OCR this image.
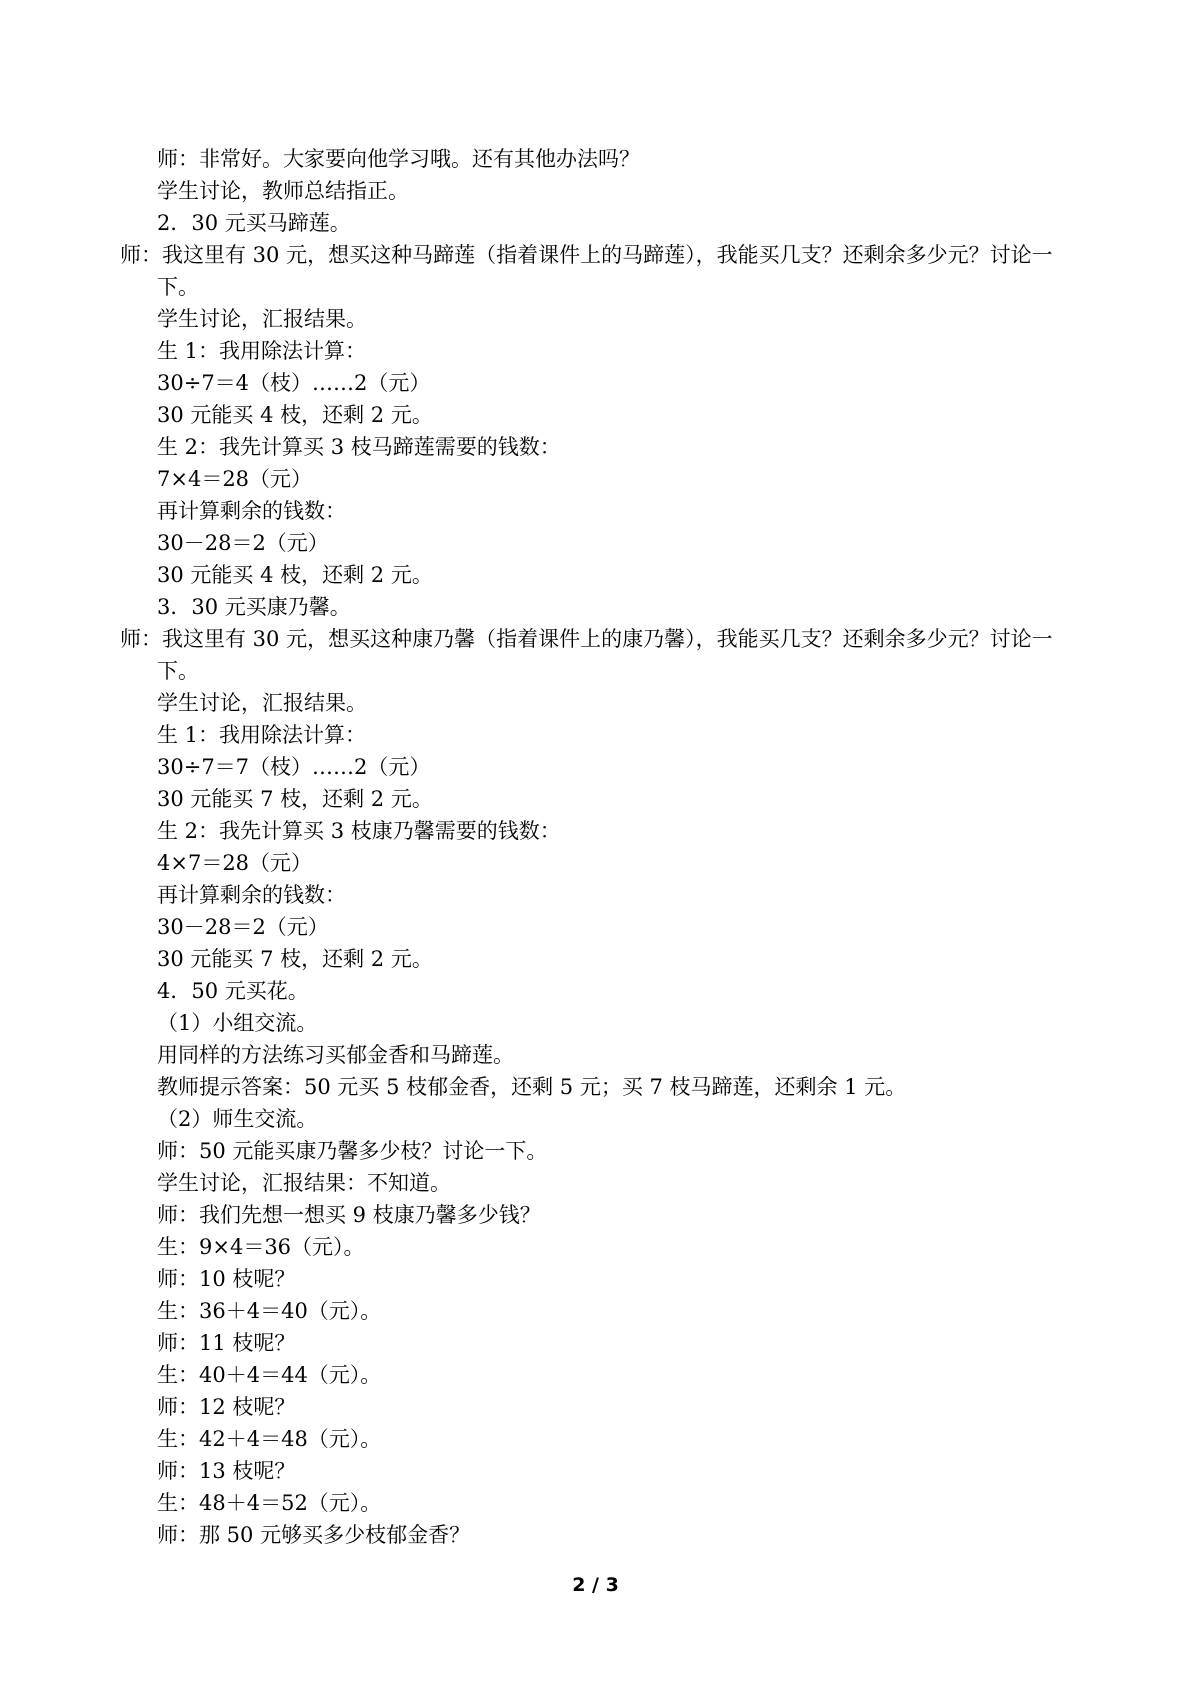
师：非常好。大家要向他学习哦。还有其他办法吗？

学生讨论，教师总结指正。

2．30 元买马蹄莲。

师：我这里有 30 元，想买这种马蹄莲（指着课件上的马蹄莲），我能买几支？还剩余多少元？讨论一下。

学生讨论，汇报结果。

生 1：我用除法计算：

30÷7＝4（枝）……2（元）

30 元能买 4 枝，还剩 2 元。

生 2：我先计算买 3 枝马蹄莲需要的钱数：

7×4＝28（元）

再计算剩余的钱数：

30－28＝2（元）

30 元能买 4 枝，还剩 2 元。

3．30 元买康乃馨。

师：我这里有 30 元，想买这种康乃馨（指着课件上的康乃馨），我能买几支？还剩余多少元？讨论一下。

学生讨论，汇报结果。

生 1：我用除法计算：

30÷7＝7（枝）……2（元）

30 元能买 7 枝，还剩 2 元。

生 2：我先计算买 3 枝康乃馨需要的钱数：

4×7＝28（元）

再计算剩余的钱数：

30－28＝2（元）

30 元能买 7 枝，还剩 2 元。

4．50 元买花。

（1）小组交流。

用同样的方法练习买郁金香和马蹄莲。

教师提示答案：50 元买 5 枝郁金香，还剩 5 元；买 7 枝马蹄莲，还剩余 1 元。

（2）师生交流。

师：50 元能买康乃馨多少枝？讨论一下。

学生讨论，汇报结果：不知道。

师：我们先想一想买 9 枝康乃馨多少钱？

生：9×4＝36（元）。

师：10 枝呢？

生：36＋4＝40（元）。

师：11 枝呢？

生：40＋4＝44（元）。

师：12 枝呢？

生：42＋4＝48（元）。

师：13 枝呢？

生：48＋4＝52（元）。

师：那 50 元够买多少枝郁金香？

2 / 3
